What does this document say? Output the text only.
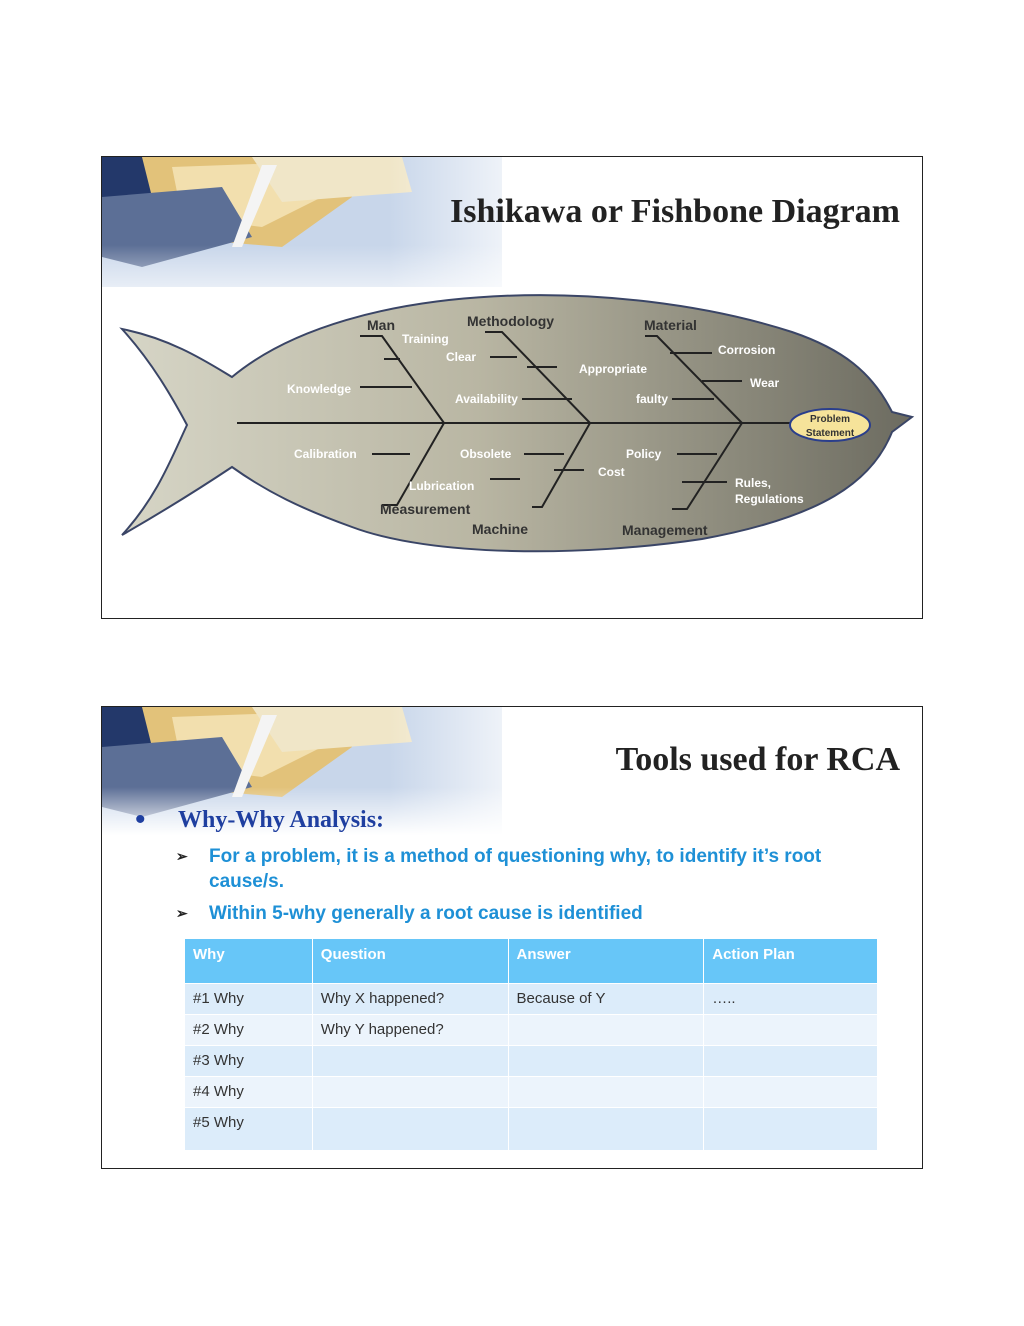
Ishikawa or Fishbone Diagram
Man	Methodology	Material
Measurement
Machine	Management
Training
Clear
Appropriate
Corrosion
Wear
Knowledge
Availability	faulty
Calibration	Obsolete	Policy
Cost
Lubrication	Rules,
Regulations
Problem
Statement
Tools used for RCA
• Why-Why Analysis:
➢ For a problem, it is a method of questioning why, to identify it’s root cause/s.
➢ Within 5-why generally a root cause is identified
Why	Question	Answer	Action Plan
#1 Why	Why X happened?	Because of Y	…..
#2 Why	Why Y happened?		
#3 Why			
#4 Why			
#5 Why			
